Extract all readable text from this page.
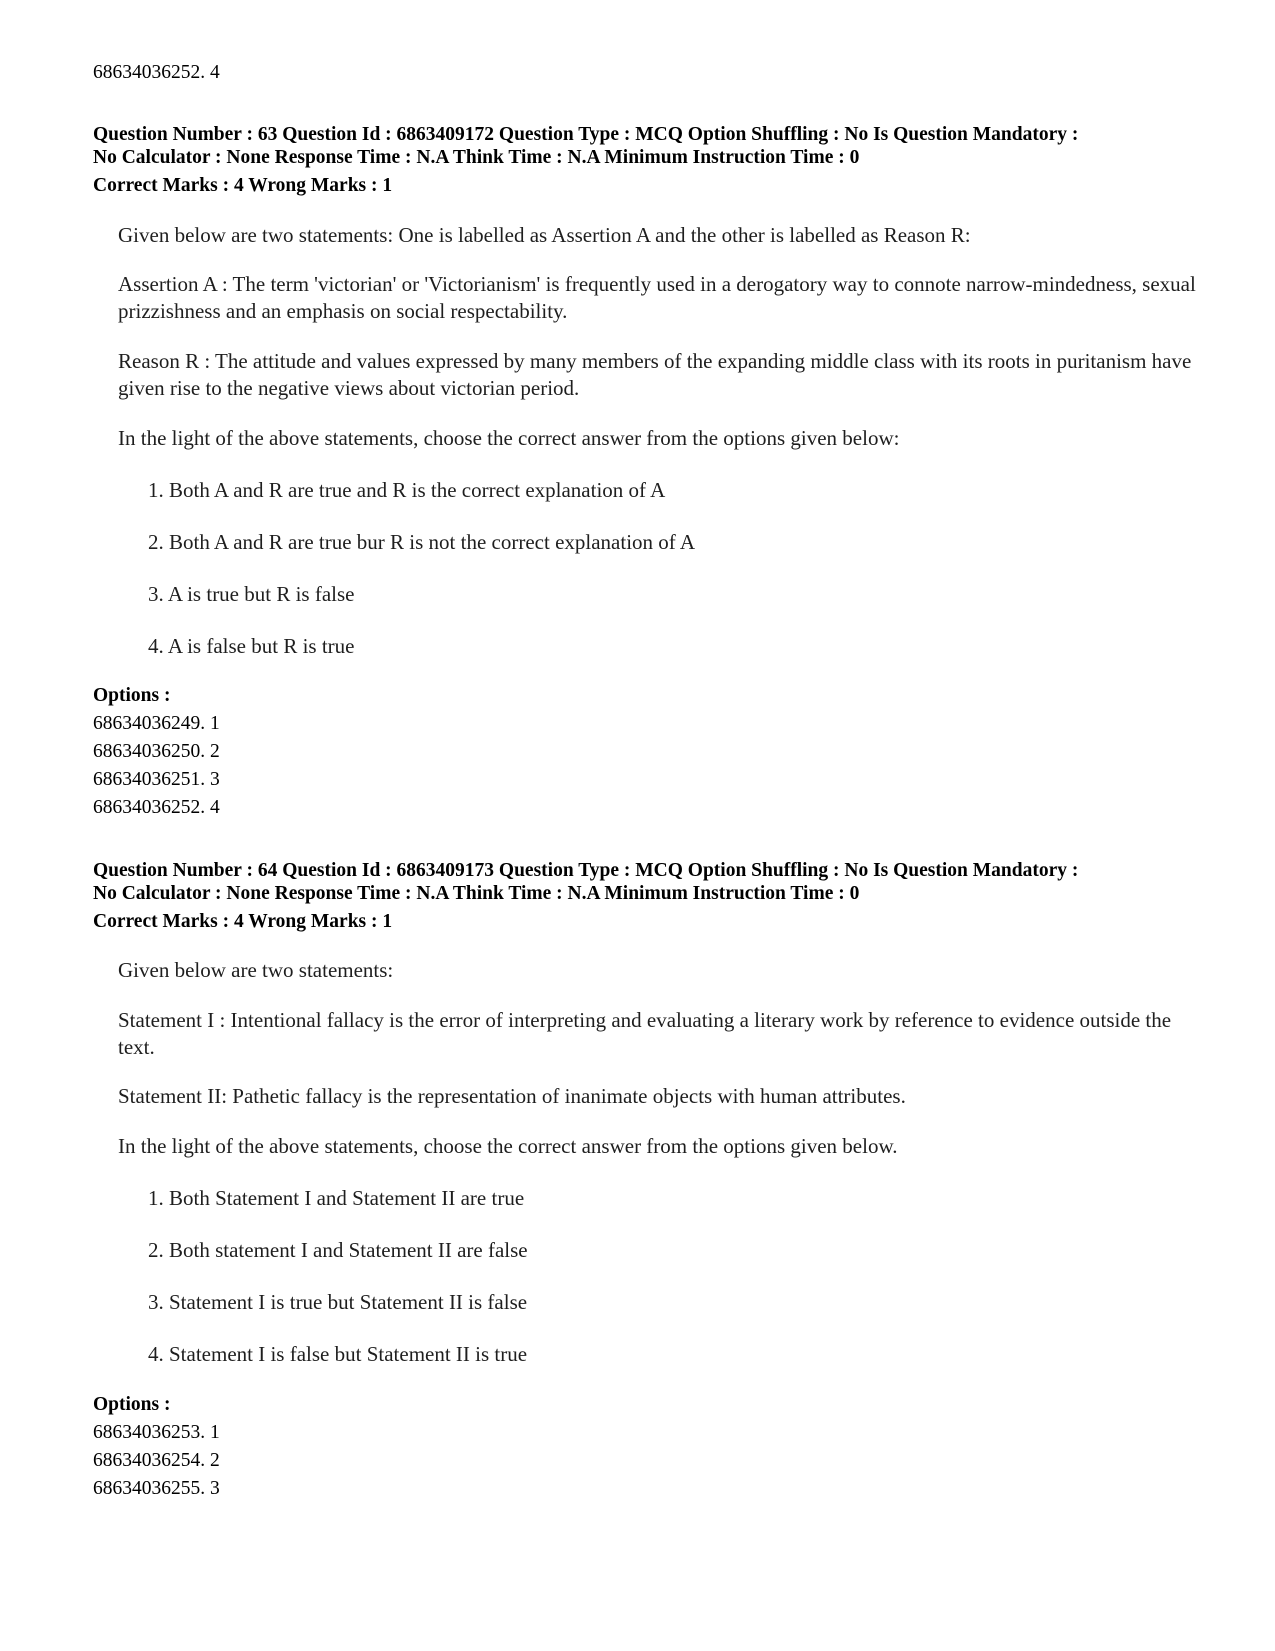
68634036252. 4
Question Number : 63 Question Id : 6863409172 Question Type : MCQ Option Shuffling : No Is Question Mandatory :
No Calculator : None Response Time : N.A Think Time : N.A Minimum Instruction Time : 0
Correct Marks : 4 Wrong Marks : 1
Given below are two statements: One is labelled as Assertion A and the other is labelled as Reason R:
Assertion A : The term 'victorian' or 'Victorianism' is frequently used in a derogatory way to connote narrow-mindedness, sexual prizzishness and an emphasis on social respectability.
Reason R : The attitude and values expressed by many members of the expanding middle class with its roots in puritanism have given rise to the negative views about victorian period.
In the light of the above statements, choose the correct answer from the options given below:
1. Both A and R are true and R is the correct explanation of A
2. Both A and R are true bur R is not the correct explanation of A
3. A is true but R is false
4. A is false but R is true
Options :
68634036249. 1
68634036250. 2
68634036251. 3
68634036252. 4
Question Number : 64 Question Id : 6863409173 Question Type : MCQ Option Shuffling : No Is Question Mandatory :
No Calculator : None Response Time : N.A Think Time : N.A Minimum Instruction Time : 0
Correct Marks : 4 Wrong Marks : 1
Given below are two statements:
Statement I : Intentional fallacy is the error of interpreting and evaluating a literary work by reference to evidence outside the text.
Statement II: Pathetic fallacy is the representation of inanimate objects with human attributes.
In the light of the above statements, choose the correct answer from the options given below.
1. Both Statement I and Statement II are true
2. Both statement I and Statement II are false
3. Statement I is true but Statement II is false
4. Statement I is false but Statement II is true
Options :
68634036253. 1
68634036254. 2
68634036255. 3
